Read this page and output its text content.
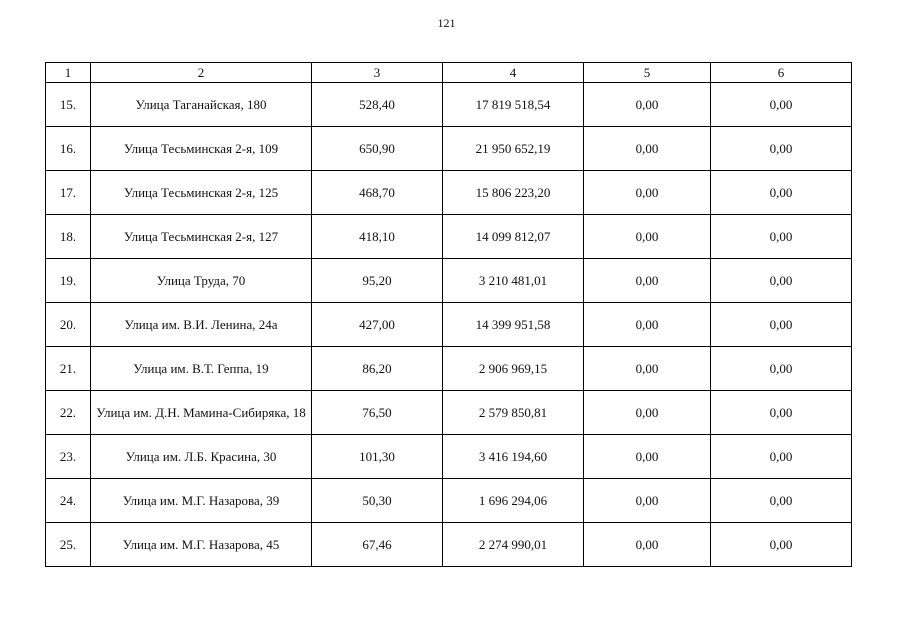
121
1	2	3	4	5	6
15.	Улица Таганайская, 180	528,40	17 819 518,54	0,00	0,00
16.	Улица Тесьминская 2-я, 109	650,90	21 950 652,19	0,00	0,00
17.	Улица Тесьминская 2-я, 125	468,70	15 806 223,20	0,00	0,00
18.	Улица Тесьминская 2-я, 127	418,10	14 099 812,07	0,00	0,00
19.	Улица Труда, 70	95,20	3 210 481,01	0,00	0,00
20.	Улица им. В.И. Ленина, 24а	427,00	14 399 951,58	0,00	0,00
21.	Улица им. В.Т. Геппа, 19	86,20	2 906 969,15	0,00	0,00
22.	Улица им. Д.Н. Мамина-Сибиряка, 18	76,50	2 579 850,81	0,00	0,00
23.	Улица им. Л.Б. Красина, 30	101,30	3 416 194,60	0,00	0,00
24.	Улица им. М.Г. Назарова, 39	50,30	1 696 294,06	0,00	0,00
25.	Улица им. М.Г. Назарова, 45	67,46	2 274 990,01	0,00	0,00
